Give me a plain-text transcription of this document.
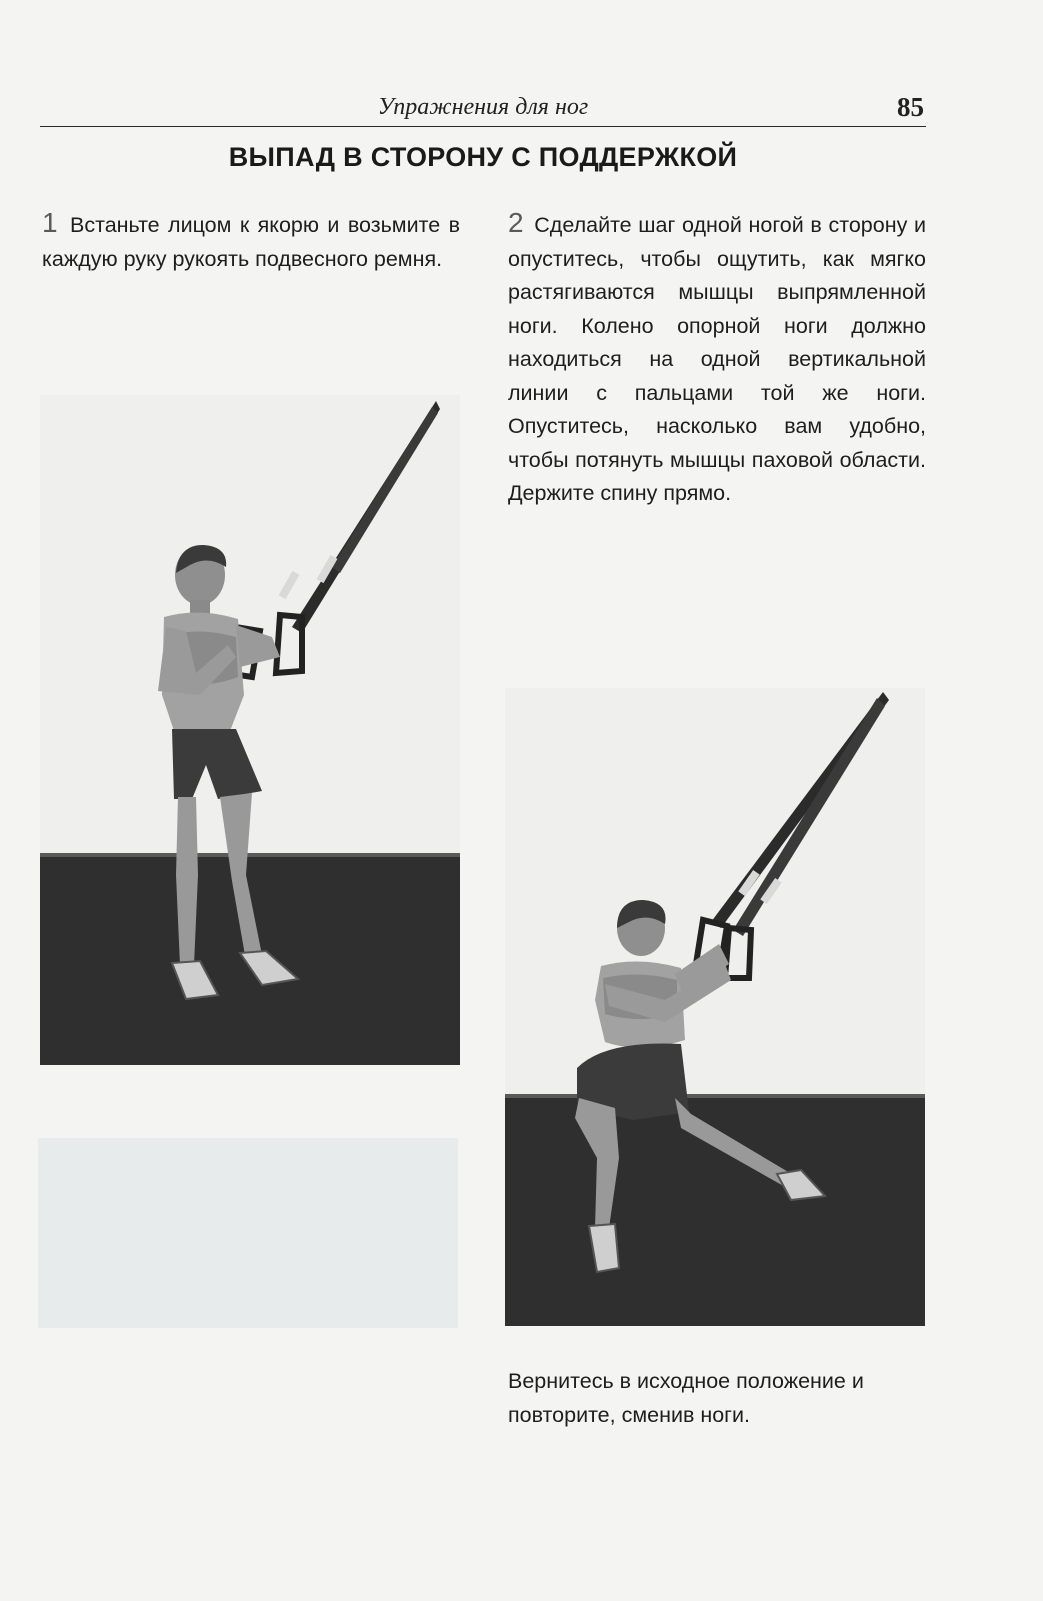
Упражнения для ног	85
ВЫПАД В СТОРОНУ С ПОДДЕРЖКОЙ
1 Встаньте лицом к якорю и возьмите в каждую руку рукоять подвесного ремня.
2 Сделайте шаг одной ногой в сторону и опуститесь, чтобы ощутить, как мягко растягиваются мышцы выпрямленной ноги. Колено опорной ноги должно находиться на одной вертикальной линии с пальцами той же ноги. Опуститесь, насколько вам удобно, чтобы потянуть мышцы паховой области. Держите спину прямо.
Вернитесь в исходное положение и повторите, сменив ноги.
